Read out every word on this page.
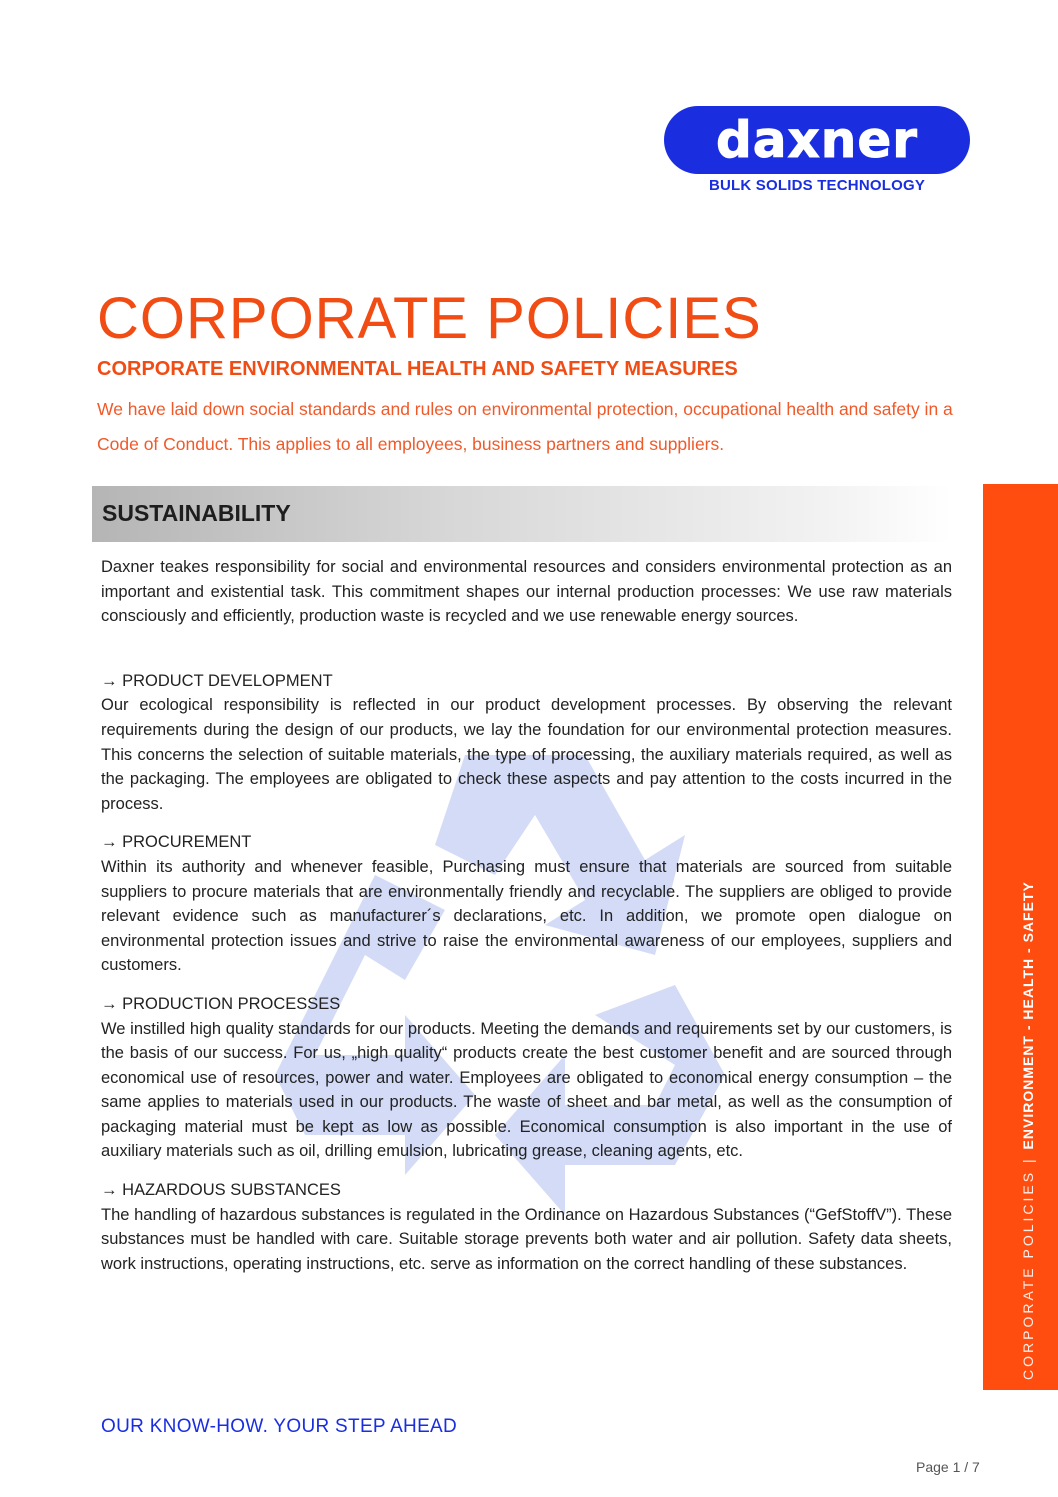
daxner
BULK SOLIDS TECHNOLOGY
CORPORATE POLICIES
CORPORATE ENVIRONMENTAL HEALTH AND SAFETY MEASURES

We have laid down social standards and rules on environmental protection, occupational health and safety in a Code of Conduct. This applies to all employees, business partners and suppliers.

SUSTAINABILITY

Daxner teakes responsibility for social and environmental resources and considers environmental protection as an important and existential task. This commitment shapes our internal production processes: We use raw materials consciously and efficiently, production waste is recycled and we use renewable energy sources.

→ PRODUCT DEVELOPMENT

Our ecological responsibility is reflected in our product development processes. By observing the relevant requirements during the design of our products, we lay the foundation for our environmental protection measures. This concerns the selection of suitable materials, the type of processing, the auxiliary materials required, as well as the packaging. The employees are obligated to check these aspects and pay attention to the costs incurred in the process.

→ PROCUREMENT

Within its authority and whenever feasible, Purchasing must ensure that materials are sourced from suitable suppliers to procure materials that are environmentally friendly and recyclable. The suppliers are obliged to provide relevant evidence such as manufacturer´s declarations, etc. In addition, we promote open dialogue on environmental protection issues and strive to raise the environmental awareness of our employees, suppliers and customers.

→ PRODUCTION PROCESSES

We instilled high quality standards for our products. Meeting the demands and requirements set by our customers, is the basis of our success. For us, „high quality“ products create the best customer benefit and are sourced through economical use of resources, power and water. Employees are obligated to economical energy consumption – the same applies to materials used in our products. The waste of sheet and bar metal, as well as the consumption of packaging material must be kept as low as possible. Economical consumption is also important in the use of auxiliary materials such as oil, drilling emulsion, lubricating grease, cleaning agents, etc.

→ HAZARDOUS SUBSTANCES

The handling of hazardous substances is regulated in the Ordinance on Hazardous Substances (“GefStoffV”). These substances must be handled with care. Suitable storage prevents both water and air pollution. Safety data sheets, work instructions, operating instructions, etc. serve as information on the correct handling of these substances.	CORPORATE POLICIES | ENVIRONMENT - HEALTH - SAFETY

OUR KNOW-HOW. YOUR STEP AHEAD

Page 1 / 7
